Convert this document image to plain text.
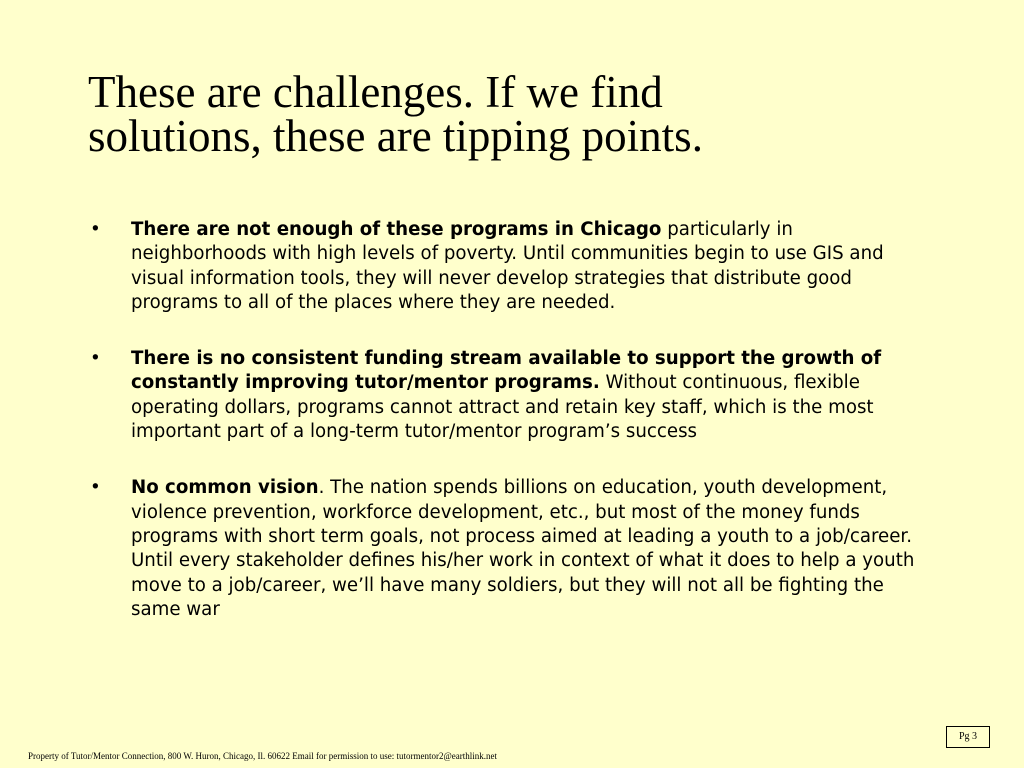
These are challenges. If we find
solutions, these are tipping points.
•	There are not enough of these programs in Chicago particularly in neighborhoods with high levels of poverty. Until communities begin to use GIS and visual information tools, they will never develop strategies that distribute good programs to all of the places where they are needed.
•	There is no consistent funding stream available to support the growth of constantly improving tutor/mentor programs. Without continuous, flexible operating dollars, programs cannot attract and retain key staff, which is the most important part of a long-term tutor/mentor program’s success
•	No common vision. The nation spends billions on education, youth development, violence prevention, workforce development, etc., but most of the money funds programs with short term goals, not process aimed at leading a youth to a job/career. Until every stakeholder defines his/her work in context of what it does to help a youth move to a job/career, we’ll have many soldiers, but they will not all be fighting the same war
Property of Tutor/Mentor Connection, 800 W. Huron, Chicago, Il. 60622 Email for permission to use: tutormentor2@earthlink.net
Pg 3
